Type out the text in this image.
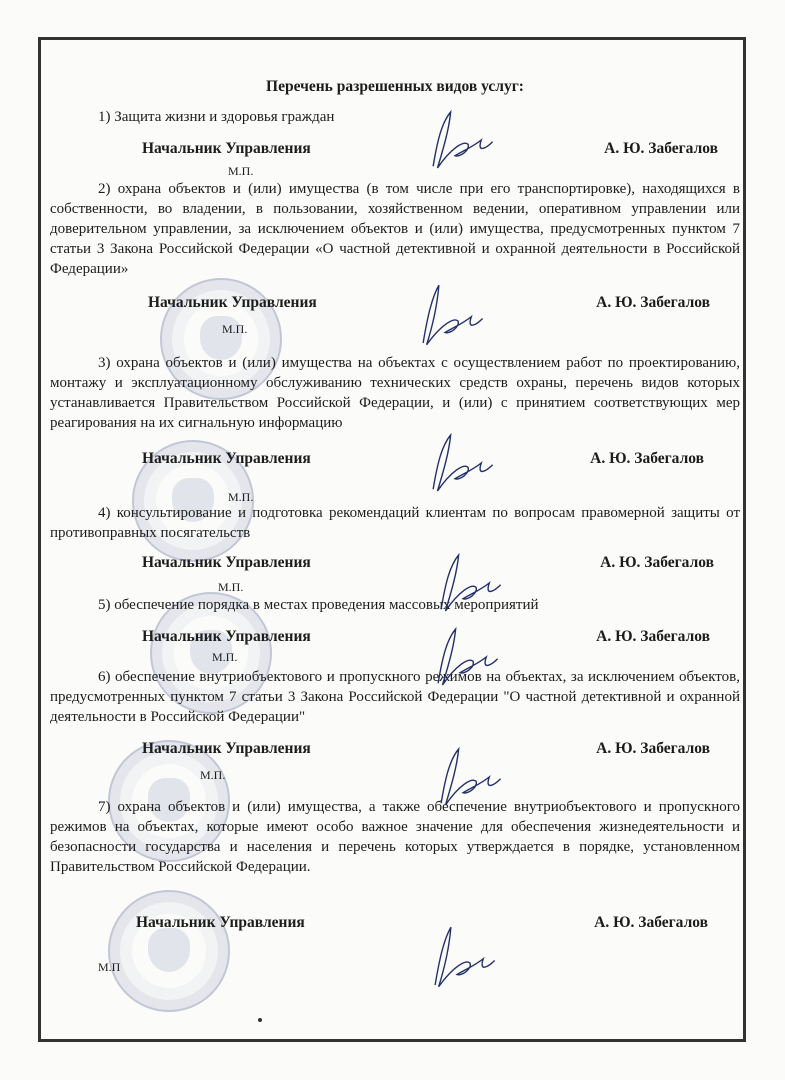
Перечень разрешенных видов услуг:

1) Защита жизни и здоровья граждан

Начальник Управления	А. Ю. Забегалов
М.П.

2) охрана объектов и (или) имущества (в том числе при его транспортировке), находящихся в собственности, во владении, в пользовании, хозяйственном ведении, оперативном управлении или доверительном управлении, за исключением объектов и (или) имущества, предусмотренных пунктом 7 статьи 3 Закона Российской Федерации «О частной детективной и охранной деятельности в Российской Федерации»

Начальник Управления	А. Ю. Забегалов
М.П.

3) охрана объектов и (или) имущества на объектах с осуществлением работ по проектированию, монтажу и эксплуатационному обслуживанию технических средств охраны, перечень видов которых устанавливается Правительством Российской Федерации, и (или) с принятием соответствующих мер реагирования на их сигнальную информацию

Начальник Управления	А. Ю. Забегалов
М.П.

4) консультирование и подготовка рекомендаций клиентам по вопросам правомерной защиты от противоправных посягательств

Начальник Управления	А. Ю. Забегалов
М.П.

5) обеспечение порядка в местах проведения массовых мероприятий

Начальник Управления	А. Ю. Забегалов
М.П.

6) обеспечение внутриобъектового и пропускного режимов на объектах, за исключением объектов, предусмотренных пунктом 7 статьи 3 Закона Российской Федерации "О частной детективной и охранной деятельности в Российской Федерации"

Начальник Управления	А. Ю. Забегалов
М.П.

7) охрана объектов и (или) имущества, а также обеспечение внутриобъектового и пропускного режимов на объектах, которые имеют особо важное значение для обеспечения жизнедеятельности и безопасности государства и населения и перечень которых утверждается в порядке, установленном Правительством Российской Федерации.

Начальник Управления	А. Ю. Забегалов
М.П
